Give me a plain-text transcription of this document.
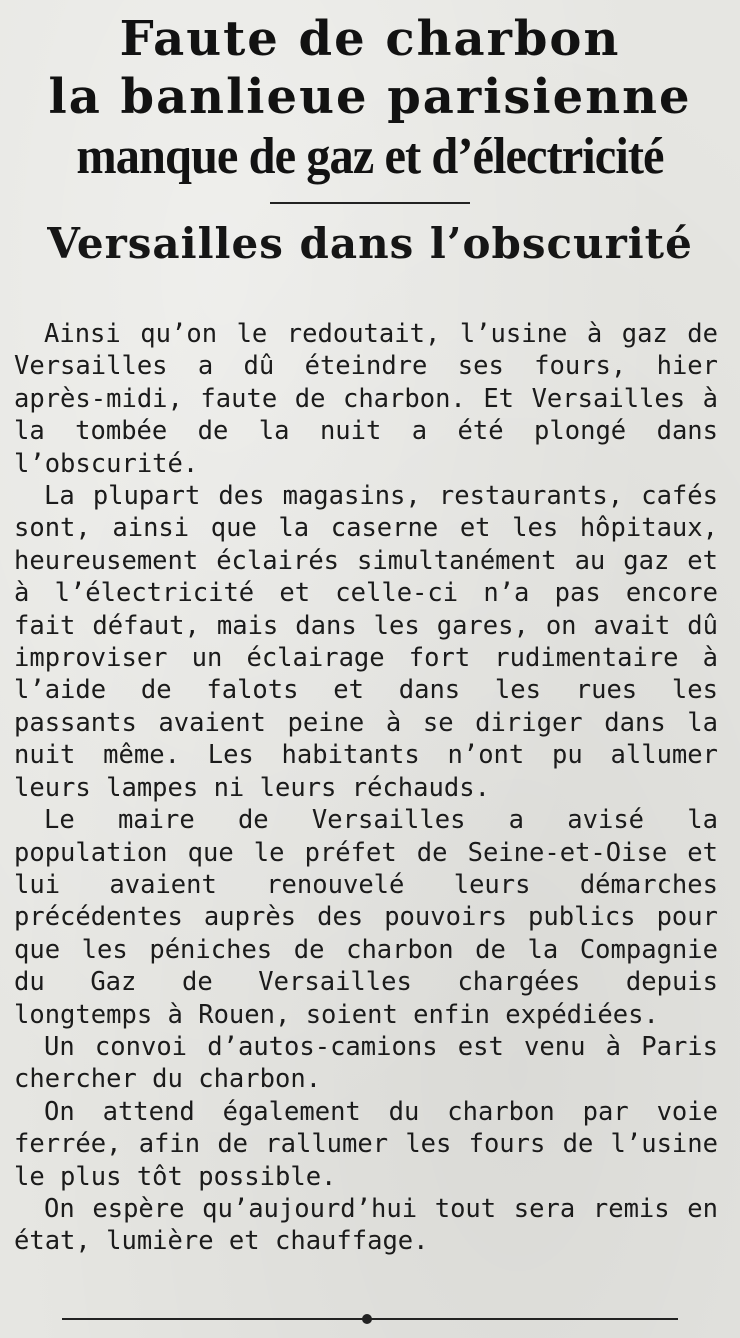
Faute de charbon
la banlieue parisienne
manque de gaz et d’électricité
Versailles dans l’obscurité

Ainsi qu’on le redoutait, l’usine à gaz de Versailles a dû éteindre ses fours, hier après-midi, faute de charbon. Et Versailles à la tombée de la nuit a été plongé dans l’obscurité.

La plupart des magasins, restaurants, cafés sont, ainsi que la caserne et les hôpitaux, heureusement éclairés simultanément au gaz et à l’électricité et celle-ci n’a pas encore fait défaut, mais dans les gares, on avait dû improviser un éclairage fort rudimentaire à l’aide de falots et dans les rues les passants avaient peine à se diriger dans la nuit même. Les habitants n’ont pu allumer leurs lampes ni leurs réchauds.

Le maire de Versailles a avisé la population que le préfet de Seine-et-Oise et lui avaient renouvelé leurs démarches précédentes auprès des pouvoirs publics pour que les péniches de charbon de la Compagnie du Gaz de Versailles chargées depuis longtemps à Rouen, soient enfin expédiées.

Un convoi d’autos-camions est venu à Paris chercher du charbon.

On attend également du charbon par voie ferrée, afin de rallumer les fours de l’usine le plus tôt possible.

On espère qu’aujourd’hui tout sera remis en état, lumière et chauffage.
